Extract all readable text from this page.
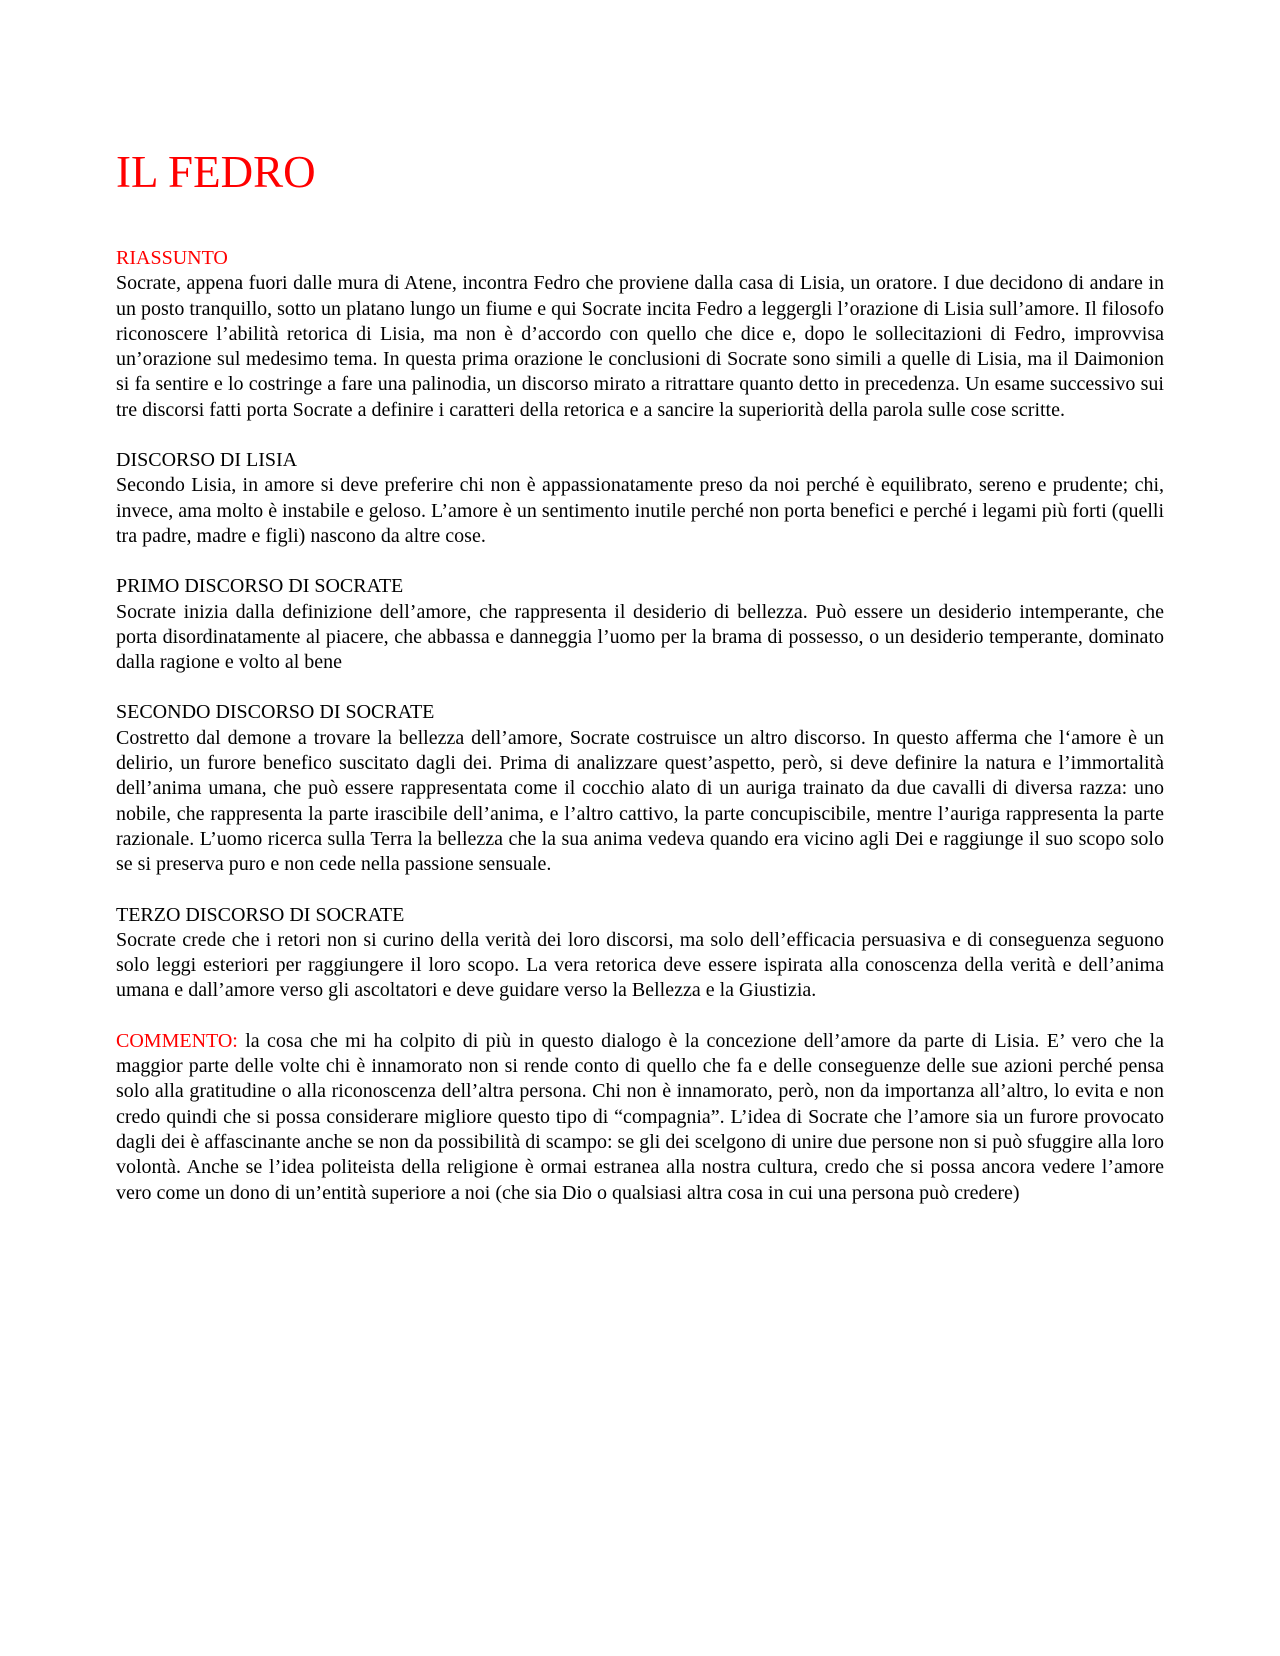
IL FEDRO
RIASSUNTO

Socrate, appena fuori dalle mura di Atene, incontra Fedro che proviene dalla casa di Lisia, un oratore. I due decidono di andare in un posto tranquillo, sotto un platano lungo un fiume e qui Socrate incita Fedro a leggergli l’orazione di Lisia sull’amore. Il filosofo riconoscere l’abilità retorica di Lisia, ma non è d’accordo con quello che dice e, dopo le sollecitazioni di Fedro, improvvisa un’orazione sul medesimo tema. In questa prima orazione le conclusioni di Socrate sono simili a quelle di Lisia, ma il Daimonion si fa sentire e lo costringe a fare una palinodia, un discorso mirato a ritrattare quanto detto in precedenza. Un esame successivo sui tre discorsi fatti porta Socrate a definire i caratteri della retorica e a sancire la superiorità della parola sulle cose scritte.

DISCORSO DI LISIA

Secondo Lisia, in amore si deve preferire chi non è appassionatamente preso da noi perché è equilibrato, sereno e prudente; chi, invece, ama molto è instabile e geloso. L’amore è un sentimento inutile perché non porta benefici e perché i legami più forti (quelli tra padre, madre e figli) nascono da altre cose.

PRIMO DISCORSO DI SOCRATE

Socrate inizia dalla definizione dell’amore, che rappresenta il desiderio di bellezza. Può essere un desiderio intemperante, che porta disordinatamente al piacere, che abbassa e danneggia l’uomo per la brama di possesso, o un desiderio temperante, dominato dalla ragione e volto al bene

SECONDO DISCORSO DI SOCRATE

Costretto dal demone a trovare la bellezza dell’amore, Socrate costruisce un altro discorso. In questo afferma che l‘amore è un delirio, un furore benefico suscitato dagli dei. Prima di analizzare quest’aspetto, però, si deve definire la natura e l’immortalità dell’anima umana, che può essere rappresentata come il cocchio alato di un auriga trainato da due cavalli di diversa razza: uno nobile, che rappresenta la parte irascibile dell’anima, e l’altro cattivo, la parte concupiscibile, mentre l’auriga rappresenta la parte razionale. L’uomo ricerca sulla Terra la bellezza che la sua anima vedeva quando era vicino agli Dei e raggiunge il suo scopo solo se si preserva puro e non cede nella passione sensuale.

TERZO DISCORSO DI SOCRATE

Socrate crede che i retori non si curino della verità dei loro discorsi, ma solo dell’efficacia persuasiva e di conseguenza seguono solo leggi esteriori per raggiungere il loro scopo. La vera retorica deve essere ispirata alla conoscenza della verità e dell’anima umana e dall’amore verso gli ascoltatori e deve guidare verso la Bellezza e la Giustizia.

COMMENTO: la cosa che mi ha colpito di più in questo dialogo è la concezione dell’amore da parte di Lisia. E’ vero che la maggior parte delle volte chi è innamorato non si rende conto di quello che fa e delle conseguenze delle sue azioni perché pensa solo alla gratitudine o alla riconoscenza dell’altra persona. Chi non è innamorato, però, non da importanza all’altro, lo evita e non credo quindi che si possa considerare migliore questo tipo di “compagnia”. L’idea di Socrate che l’amore sia un furore provocato dagli dei è affascinante anche se non da possibilità di scampo: se gli dei scelgono di unire due persone non si può sfuggire alla loro volontà. Anche se l’idea politeista della religione è ormai estranea alla nostra cultura, credo che si possa ancora vedere l’amore vero come un dono di un’entità superiore a noi (che sia Dio o qualsiasi altra cosa in cui una persona può credere)
